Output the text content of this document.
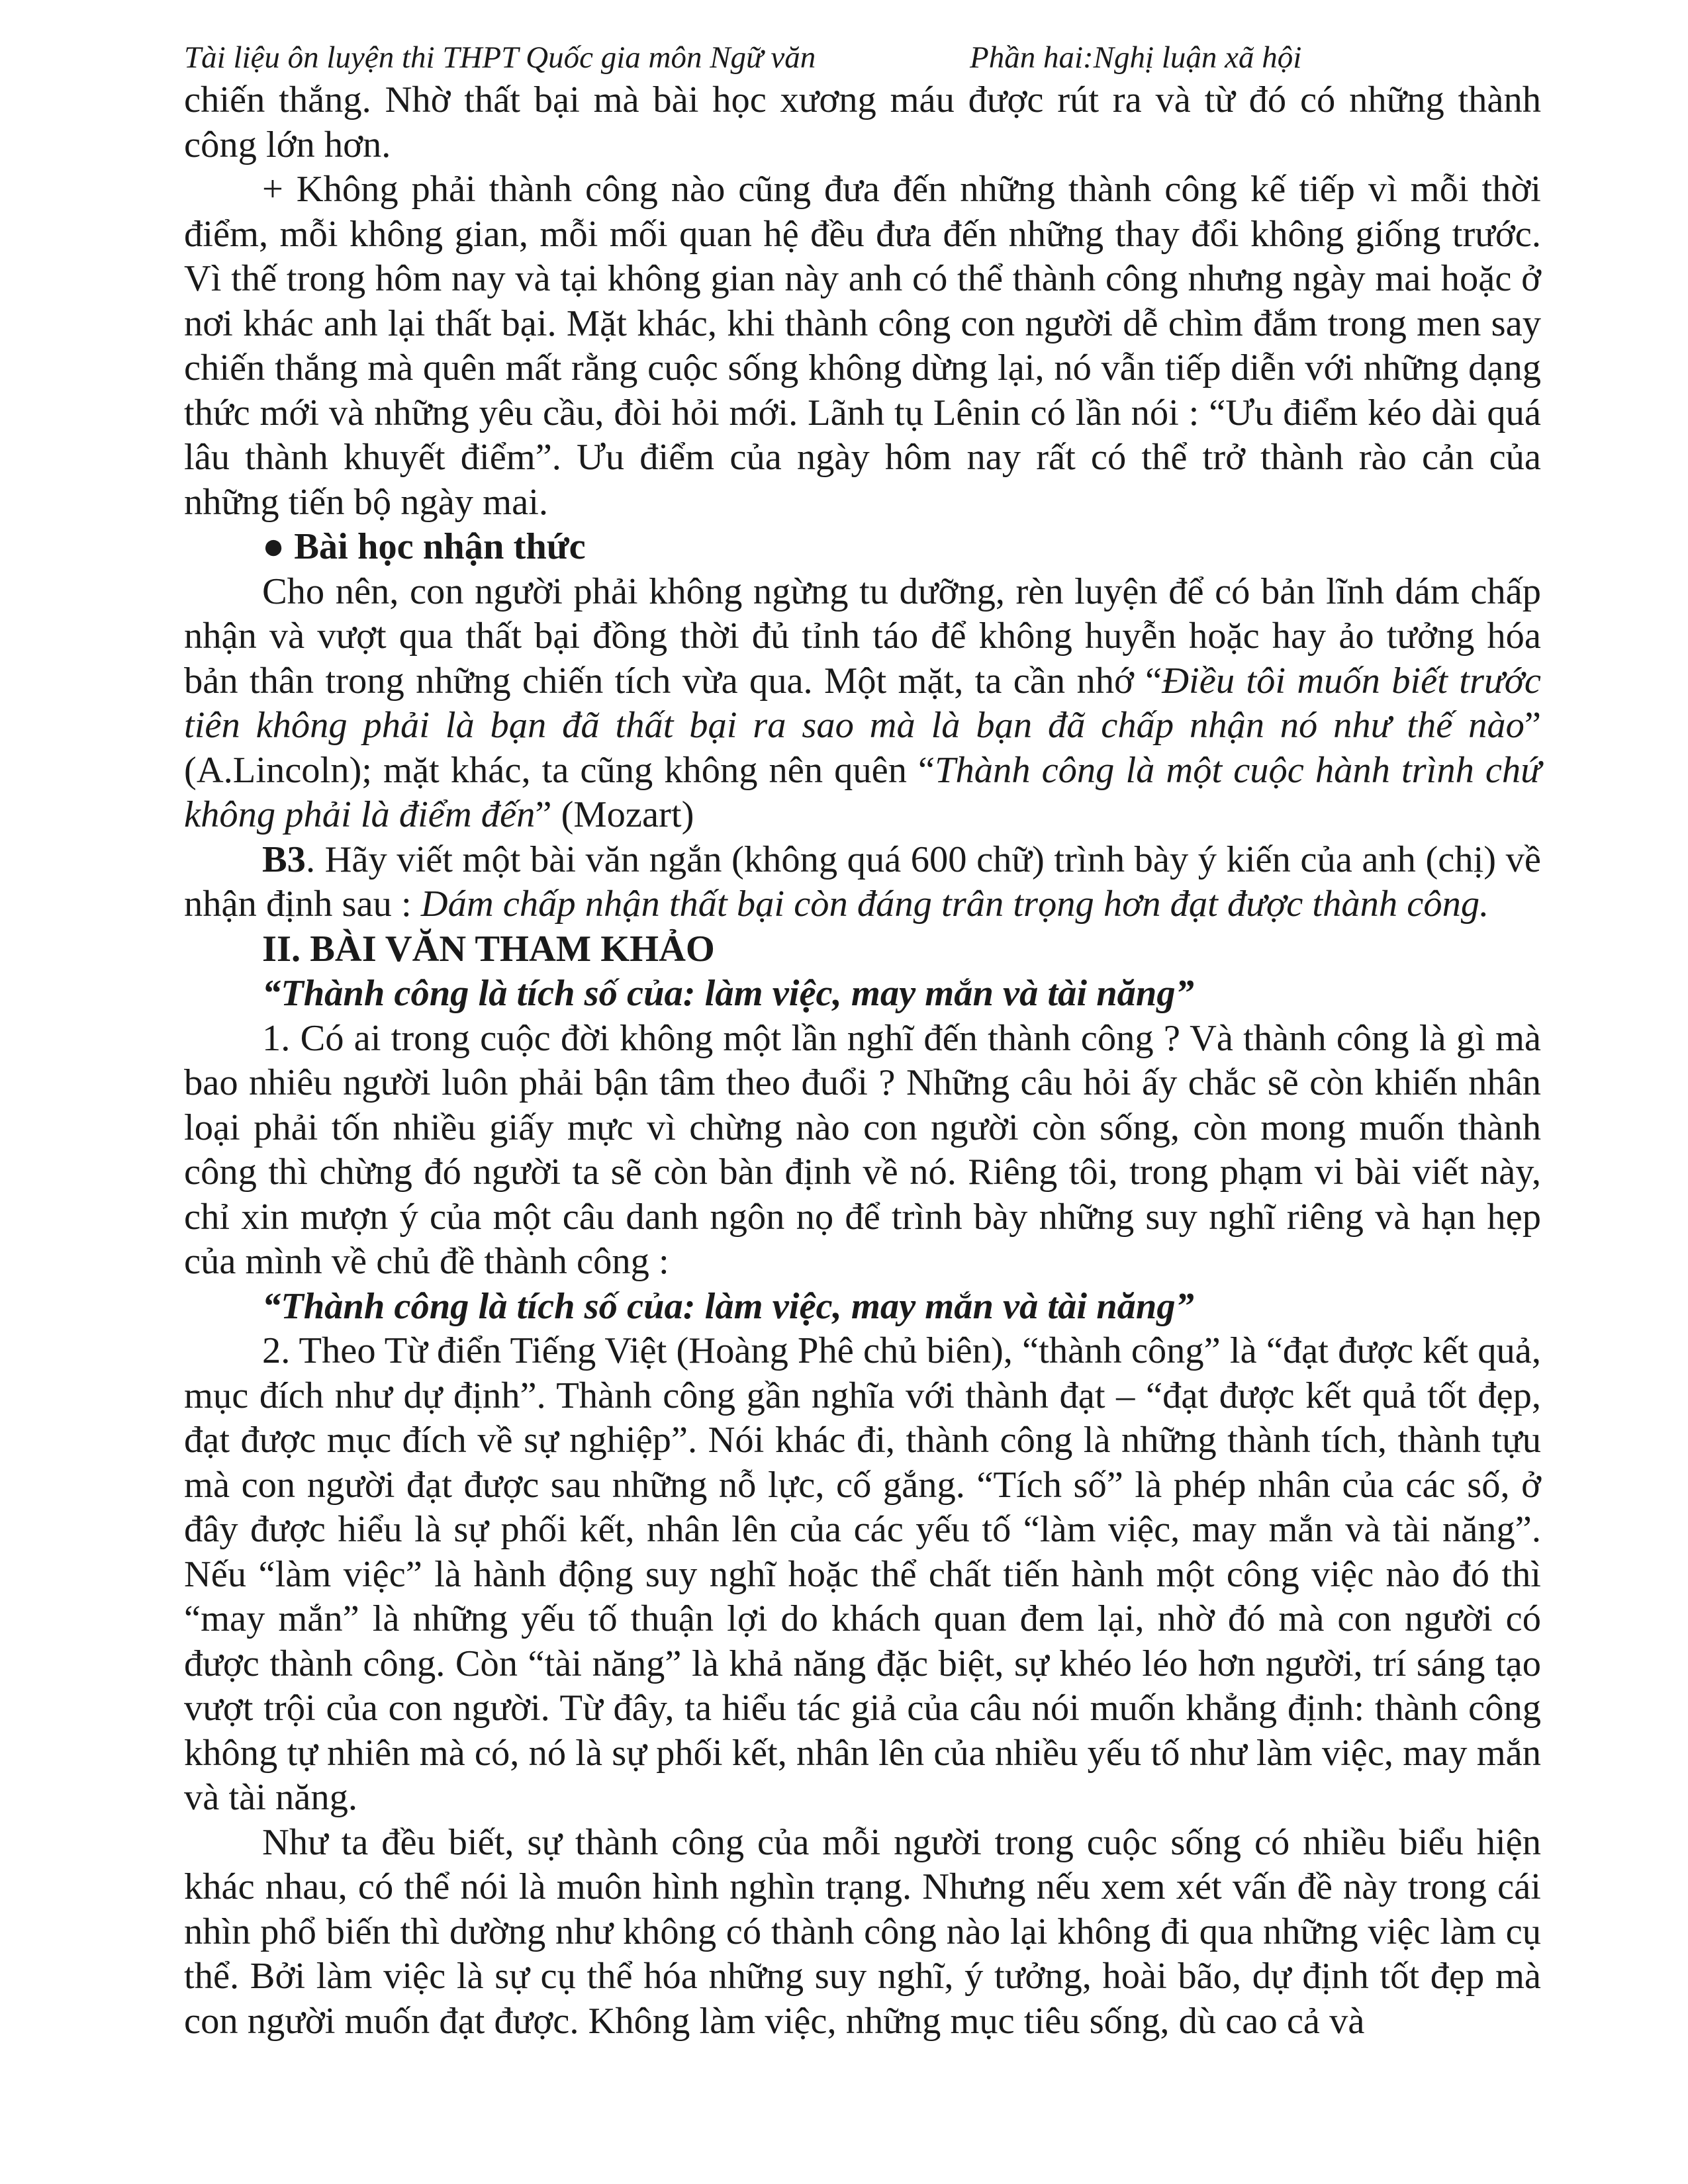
Tài liệu ôn luyện thi THPT Quốc gia môn Ngữ văn	Phần hai:Nghị luận xã hội

chiến thắng. Nhờ thất bại mà bài học xương máu được rút ra và từ đó có những thành công lớn hơn.

+ Không phải thành công nào cũng đưa đến những thành công kế tiếp vì mỗi thời điểm, mỗi không gian, mỗi mối quan hệ đều đưa đến những thay đổi không giống trước. Vì thế trong hôm nay và tại không gian này anh có thể thành công nhưng ngày mai hoặc ở nơi khác anh lại thất bại. Mặt khác, khi thành công con người dễ chìm đắm trong men say chiến thắng mà quên mất rằng cuộc sống không dừng lại, nó vẫn tiếp diễn với những dạng thức mới và những yêu cầu, đòi hỏi mới. Lãnh tụ Lênin có lần nói : “Ưu điểm kéo dài quá lâu thành khuyết điểm”. Ưu điểm của ngày hôm nay rất có thể trở thành rào cản của những tiến bộ ngày mai.

● Bài học nhận thức

Cho nên, con người phải không ngừng tu dưỡng, rèn luyện để có bản lĩnh dám chấp nhận và vượt qua thất bại đồng thời đủ tỉnh táo để không huyễn hoặc hay ảo tưởng hóa bản thân trong những chiến tích vừa qua. Một mặt, ta cần nhớ “Điều tôi muốn biết trước tiên không phải là bạn đã thất bại ra sao mà là bạn đã chấp nhận nó như thế nào” (A.Lincoln); mặt khác, ta cũng không nên quên “Thành công là một cuộc hành trình chứ không phải là điểm đến” (Mozart)

B3. Hãy viết một bài văn ngắn (không quá 600 chữ) trình bày ý kiến của anh (chị) về nhận định sau : Dám chấp nhận thất bại còn đáng trân trọng hơn đạt được thành công.

II. BÀI VĂN THAM KHẢO

“Thành công là tích số của: làm việc, may mắn và tài năng”

1. Có ai trong cuộc đời không một lần nghĩ đến thành công ? Và thành công là gì mà bao nhiêu người luôn phải bận tâm theo đuổi ? Những câu hỏi ấy chắc sẽ còn khiến nhân loại phải tốn nhiều giấy mực vì chừng nào con người còn sống, còn mong muốn thành công thì chừng đó người ta sẽ còn bàn định về nó. Riêng tôi, trong phạm vi bài viết này, chỉ xin mượn ý của một câu danh ngôn nọ để trình bày những suy nghĩ riêng và hạn hẹp của mình về chủ đề thành công :

“Thành công là tích số của: làm việc, may mắn và tài năng”

2. Theo Từ điển Tiếng Việt (Hoàng Phê chủ biên), “thành công” là “đạt được kết quả, mục đích như dự định”. Thành công gần nghĩa với thành đạt – “đạt được kết quả tốt đẹp, đạt được mục đích về sự nghiệp”. Nói khác đi, thành công là những thành tích, thành tựu mà con người đạt được sau những nỗ lực, cố gắng. “Tích số” là phép nhân của các số, ở đây được hiểu là sự phối kết, nhân lên của các yếu tố “làm việc, may mắn và tài năng”. Nếu “làm việc” là hành động suy nghĩ hoặc thể chất tiến hành một công việc nào đó thì “may mắn” là những yếu tố thuận lợi do khách quan đem lại, nhờ đó mà con người có được thành công. Còn “tài năng” là khả năng đặc biệt, sự khéo léo hơn người, trí sáng tạo vượt trội của con người. Từ đây, ta hiểu tác giả của câu nói muốn khẳng định: thành công không tự nhiên mà có, nó là sự phối kết, nhân lên của nhiều yếu tố như làm việc, may mắn và tài năng.

Như ta đều biết, sự thành công của mỗi người trong cuộc sống có nhiều biểu hiện khác nhau, có thể nói là muôn hình nghìn trạng. Nhưng nếu xem xét vấn đề này trong cái nhìn phổ biến thì dường như không có thành công nào lại không đi qua những việc làm cụ thể. Bởi làm việc là sự cụ thể hóa những suy nghĩ, ý tưởng, hoài bão, dự định tốt đẹp mà con người muốn đạt được. Không làm việc, những mục tiêu sống, dù cao cả và
